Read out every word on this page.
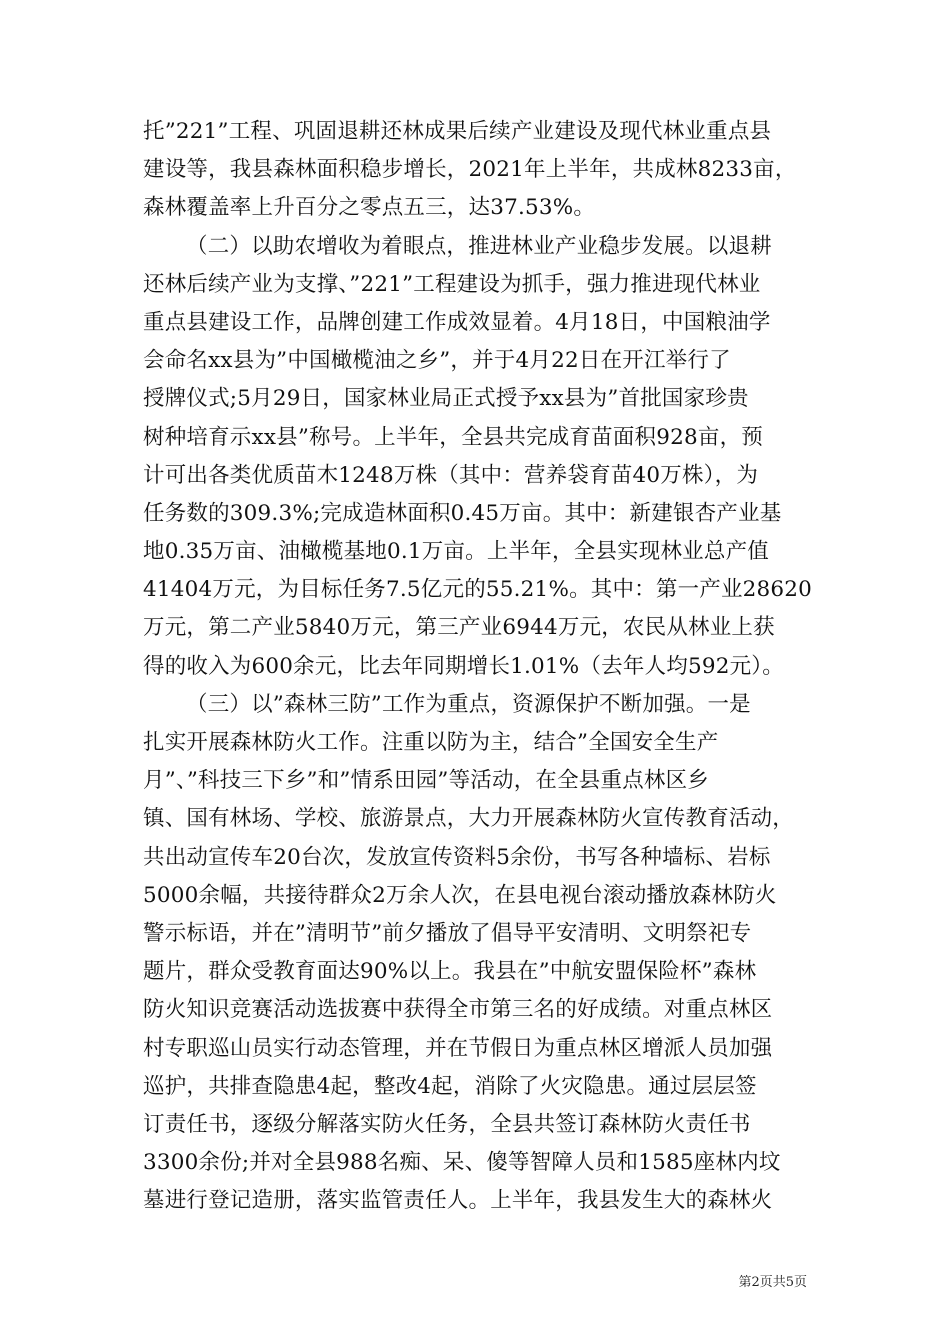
托”221”工程、巩固退耕还林成果后续产业建设及现代林业重点县
建设等，我县森林面积稳步增长，2021年上半年，共成林8233亩，
森林覆盖率上升百分之零点五三，达37.53%。
（二）以助农增收为着眼点，推进林业产业稳步发展。以退耕
还林后续产业为支撑、”221”工程建设为抓手，强力推进现代林业
重点县建设工作，品牌创建工作成效显着。4月18日，中国粮油学
会命名xx县为”中国橄榄油之乡”，并于4月22日在开江举行了
授牌仪式;5月29日，国家林业局正式授予xx县为”首批国家珍贵
树种培育示xx县”称号。上半年，全县共完成育苗面积928亩，预
计可出各类优质苗木1248万株（其中：营养袋育苗40万株），为
任务数的309.3%;完成造林面积0.45万亩。其中：新建银杏产业基
地0.35万亩、油橄榄基地0.1万亩。上半年，全县实现林业总产值
41404万元，为目标任务7.5亿元的55.21%。其中：第一产业28620
万元，第二产业5840万元，第三产业6944万元，农民从林业上获
得的收入为600余元，比去年同期增长1.01%（去年人均592元）。
（三）以”森林三防”工作为重点，资源保护不断加强。一是
扎实开展森林防火工作。注重以防为主，结合”全国安全生产
月”、”科技三下乡”和”情系田园”等活动，在全县重点林区乡
镇、国有林场、学校、旅游景点，大力开展森林防火宣传教育活动，
共出动宣传车20台次，发放宣传资料5余份，书写各种墙标、岩标
5000余幅，共接待群众2万余人次，在县电视台滚动播放森林防火
警示标语，并在”清明节”前夕播放了倡导平安清明、文明祭祀专
题片，群众受教育面达90%以上。我县在”中航安盟保险杯”森林
防火知识竞赛活动选拔赛中获得全市第三名的好成绩。对重点林区
村专职巡山员实行动态管理，并在节假日为重点林区增派人员加强
巡护，共排查隐患4起，整改4起，消除了火灾隐患。通过层层签
订责任书，逐级分解落实防火任务，全县共签订森林防火责任书
3300余份;并对全县988名痴、呆、傻等智障人员和1585座林内坟
墓进行登记造册，落实监管责任人。上半年，我县发生大的森林火
第2页共5页
